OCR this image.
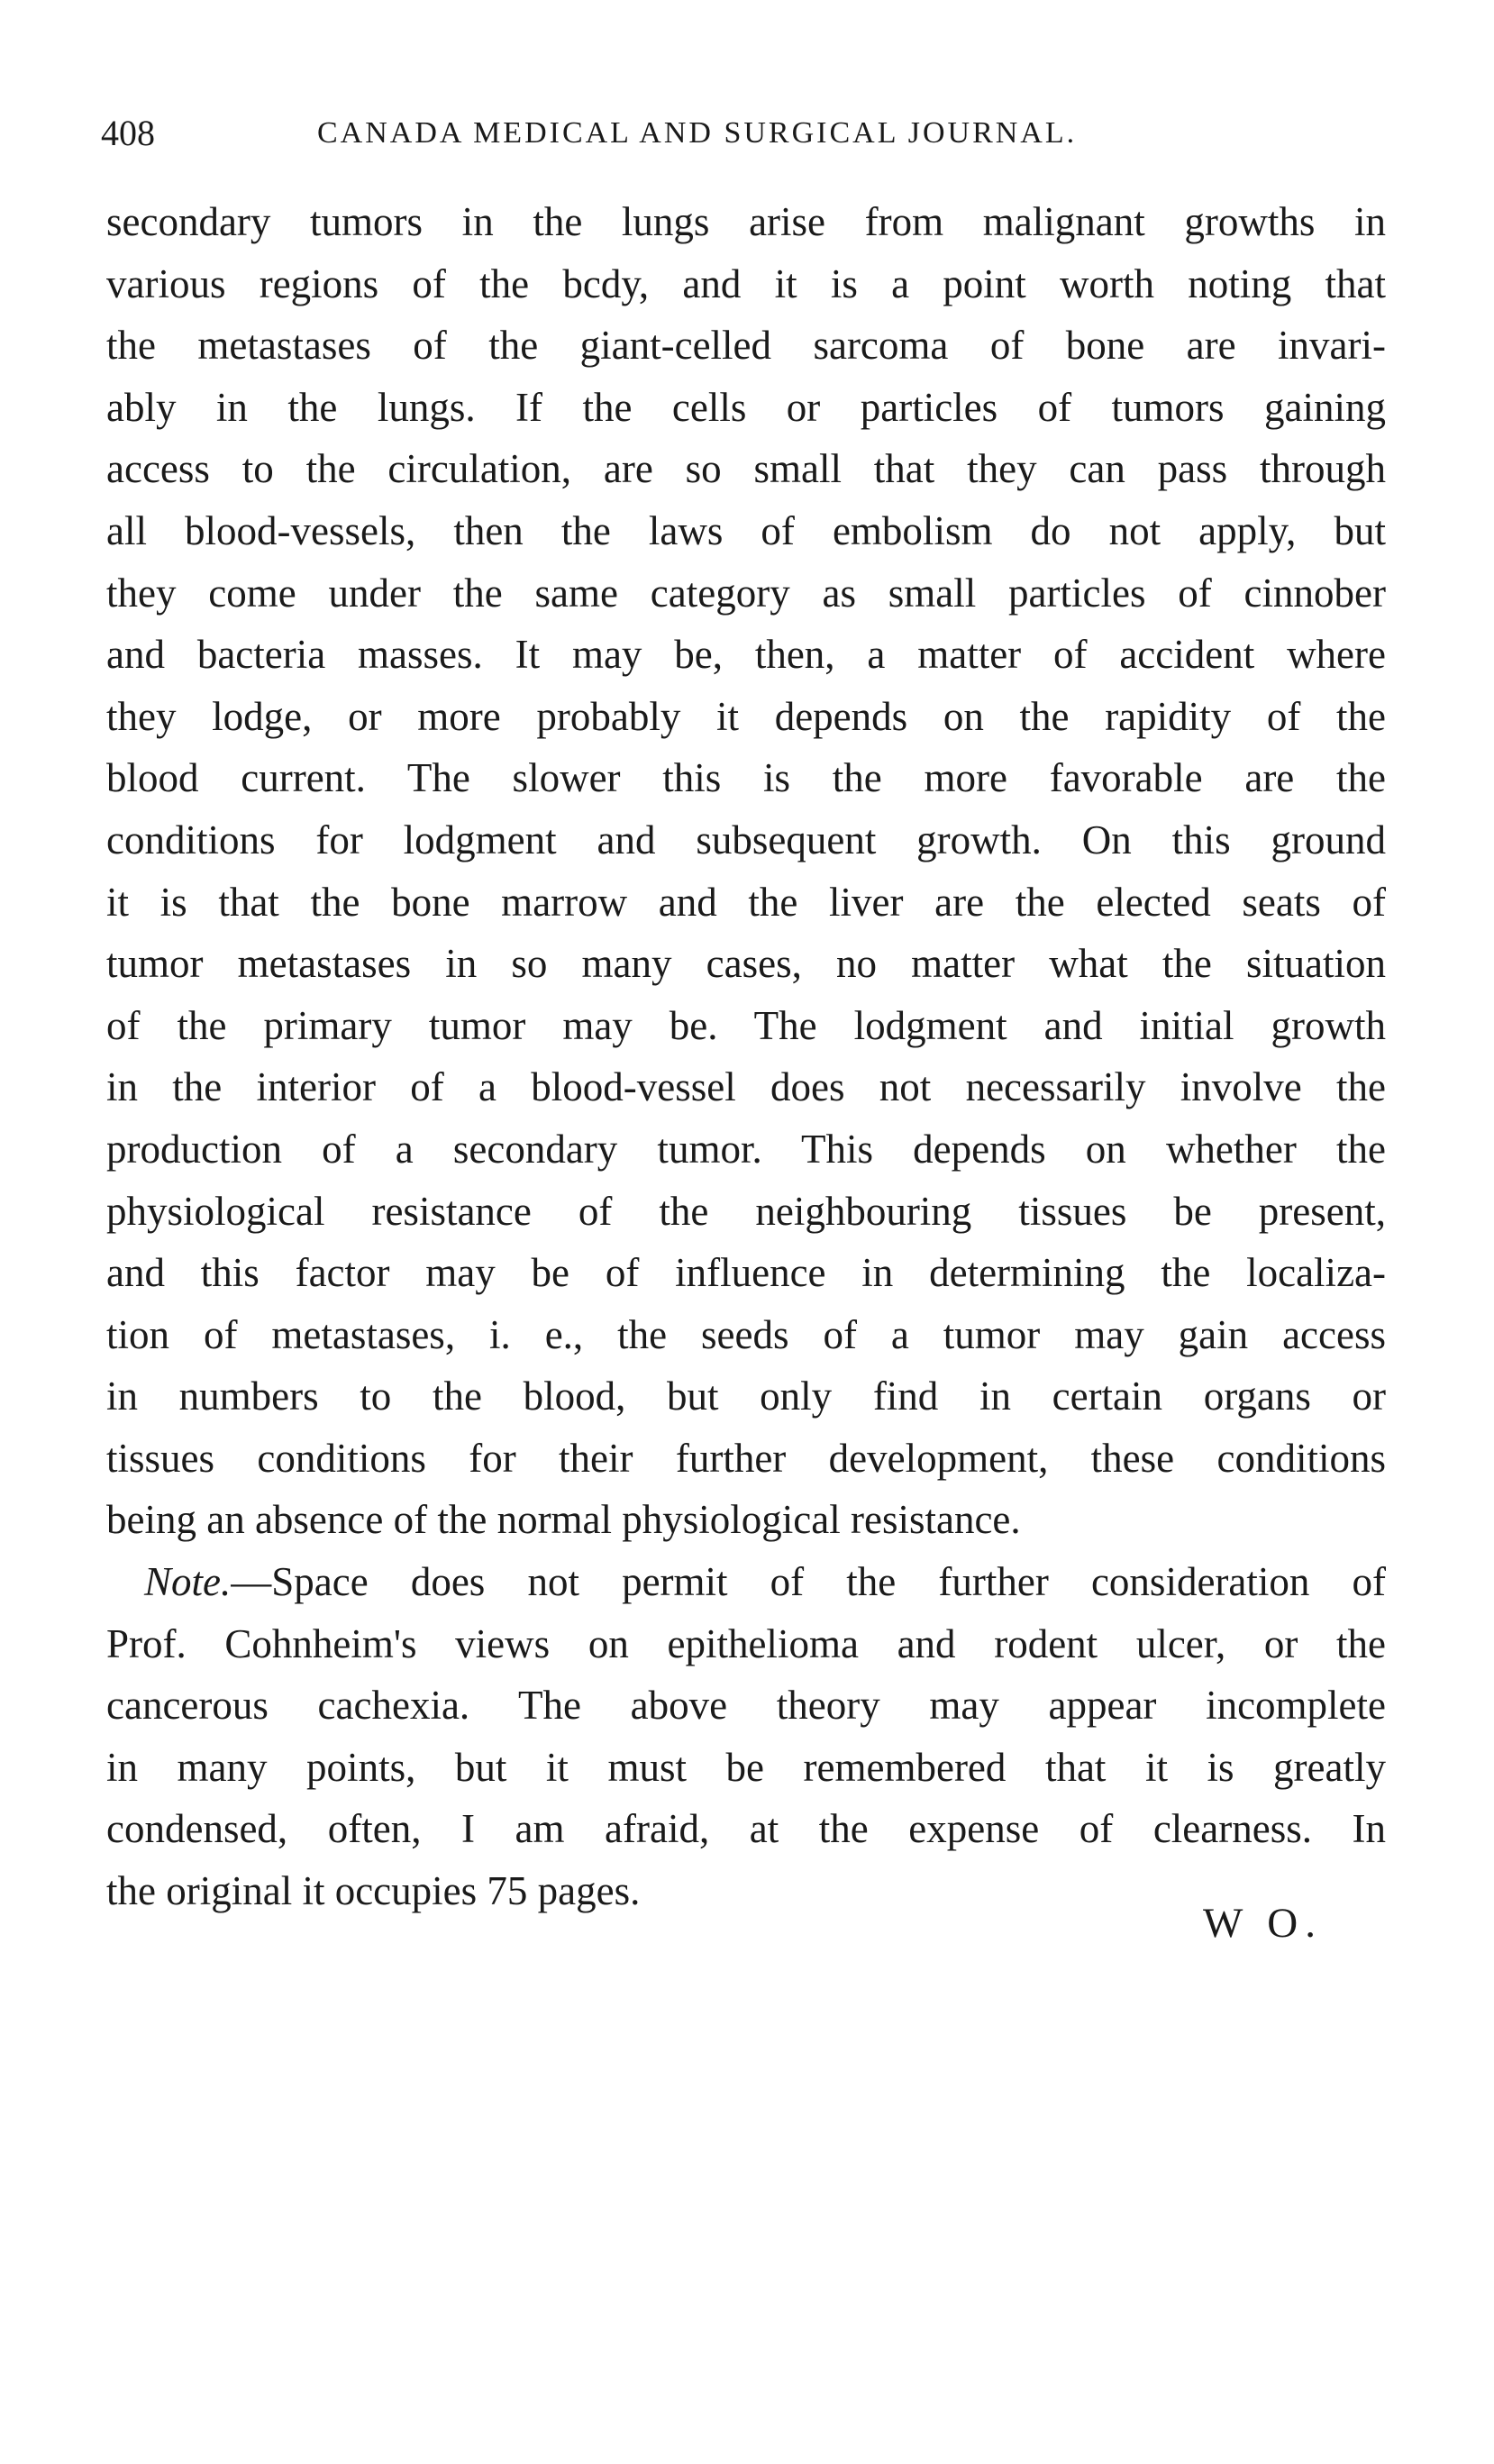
408	CANADA MEDICAL AND SURGICAL JOURNAL.
secondary tumors in the lungs arise from malignant growths in
various regions of the bcdy, and it is a point worth noting that
the metastases of the giant-celled sarcoma of bone are invari-
ably in the lungs. If the cells or particles of tumors gaining
access to the circulation, are so small that they can pass through
all blood-vessels, then the laws of embolism do not apply, but
they come under the same category as small particles of cinnober
and bacteria masses. It may be, then, a matter of accident where
they lodge, or more probably it depends on the rapidity of the
blood current. The slower this is the more favorable are the
conditions for lodgment and subsequent growth. On this ground
it is that the bone marrow and the liver are the elected seats of
tumor metastases in so many cases, no matter what the situation
of the primary tumor may be. The lodgment and initial growth
in the interior of a blood-vessel does not necessarily involve the
production of a secondary tumor. This depends on whether the
physiological resistance of the neighbouring tissues be present,
and this factor may be of influence in determining the localiza-
tion of metastases, i. e., the seeds of a tumor may gain access
in numbers to the blood, but only find in certain organs or
tissues conditions for their further development, these conditions
being an absence of the normal physiological resistance.
Note.—Space does not permit of the further consideration of
Prof. Cohnheim's views on epithelioma and rodent ulcer, or the
cancerous cachexia. The above theory may appear incomplete
in many points, but it must be remembered that it is greatly
condensed, often, I am afraid, at the expense of clearness. In
the original it occupies 75 pages.
W O.
